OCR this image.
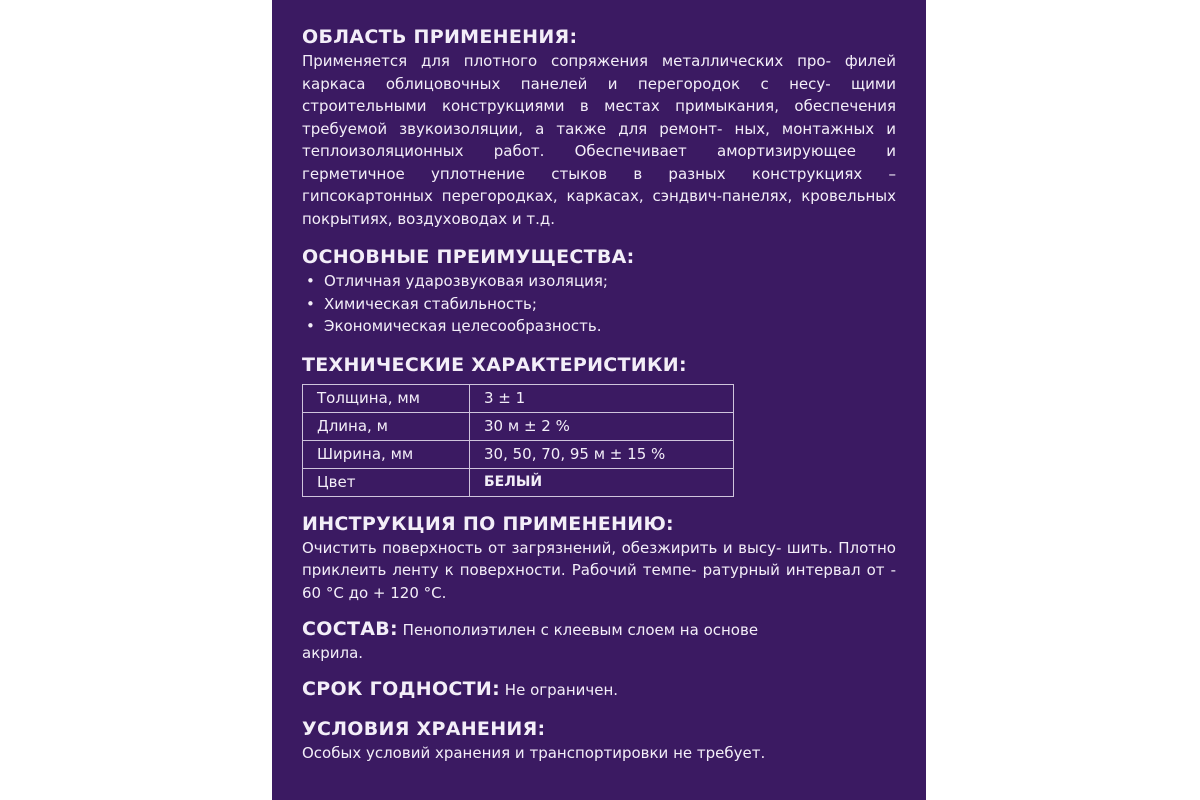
ОБЛАСТЬ ПРИМЕНЕНИЯ:

Применяется для плотного сопряжения металлических про- филей каркаса облицовочных панелей и перегородок с несу- щими строительными конструкциями в местах примыкания, обеспечения требуемой звукоизоляции, а также для ремонт- ных, монтажных и теплоизоляционных работ. Обеспечивает амортизирующее и герметичное уплотнение стыков в разных конструкциях – гипсокартонных перегородках, каркасах, сэндвич-панелях, кровельных покрытиях, воздуховодах и т.д.

ОСНОВНЫЕ ПРЕИМУЩЕСТВА:
• Отличная ударозвуковая изоляция;
• Химическая стабильность;
• Экономическая целесообразность.
ТЕХНИЧЕСКИЕ ХАРАКТЕРИСТИКИ:
Толщина, мм	3 ± 1
Длина, м	30 м ± 2 %
Ширина, мм	30, 50, 70, 95 м ± 15 %
Цвет	БЕЛЫЙ
ИНСТРУКЦИЯ ПО ПРИМЕНЕНИЮ:

Очистить поверхность от загрязнений, обезжирить и высу- шить. Плотно приклеить ленту к поверхности. Рабочий темпе- ратурный интервал от - 60 °С до + 120 °С.

СОСТАВ: Пенополиэтилен с клеевым слоем на основе
акрила.

СРОК ГОДНОСТИ: Не ограничен.

УСЛОВИЯ ХРАНЕНИЯ:

Особых условий хранения и транспортировки не требует.
